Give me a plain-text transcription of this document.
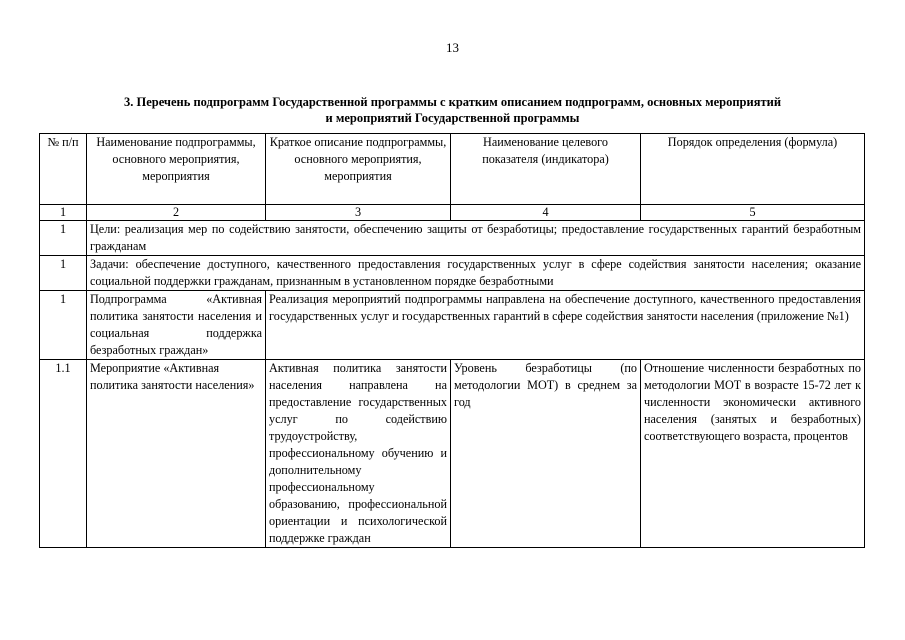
13
3. Перечень подпрограмм Государственной программы с кратким описанием подпрограмм, основных мероприятий
и мероприятий Государственной программы
№ п/п	Наименование подпрограммы, основного мероприятия, мероприятия	Краткое описание подпрограммы, основного мероприятия, мероприятия	Наименование целевого показателя (индикатора)	Порядок определения (формула)
1	2	3	4	5
1	Цели: реализация мер по содействию занятости, обеспечению защиты от безработицы; предоставление государственных гарантий безработным гражданам			
1	Задачи: обеспечение доступного, качественного предоставления государственных услуг в сфере содействия занятости населения; оказание социальной поддержки гражданам, признанным в установленном порядке безработными			
1	Подпрограмма «Активная политика занятости населения и социальная поддержка безработных граждан»	Реализация мероприятий подпрограммы направлена на обеспечение доступного, качественного предоставления государственных услуг и государственных гарантий в сфере содействия занятости населения (приложение №1)		
1.1	Мероприятие «Активная политика занятости населения»	Активная политика занятости населения направлена на предоставление государственных услуг по содействию трудоустройству, профессиональному обучению и дополнительному профессиональному образованию, профессиональной ориентации и психологической поддержке граждан	Уровень безработицы (по методологии МОТ) в среднем за год	Отношение численности безработных по методологии МОТ в возрасте 15-72 лет к численности экономически активного населения (занятых и безработных) соответствующего возраста, процентов
